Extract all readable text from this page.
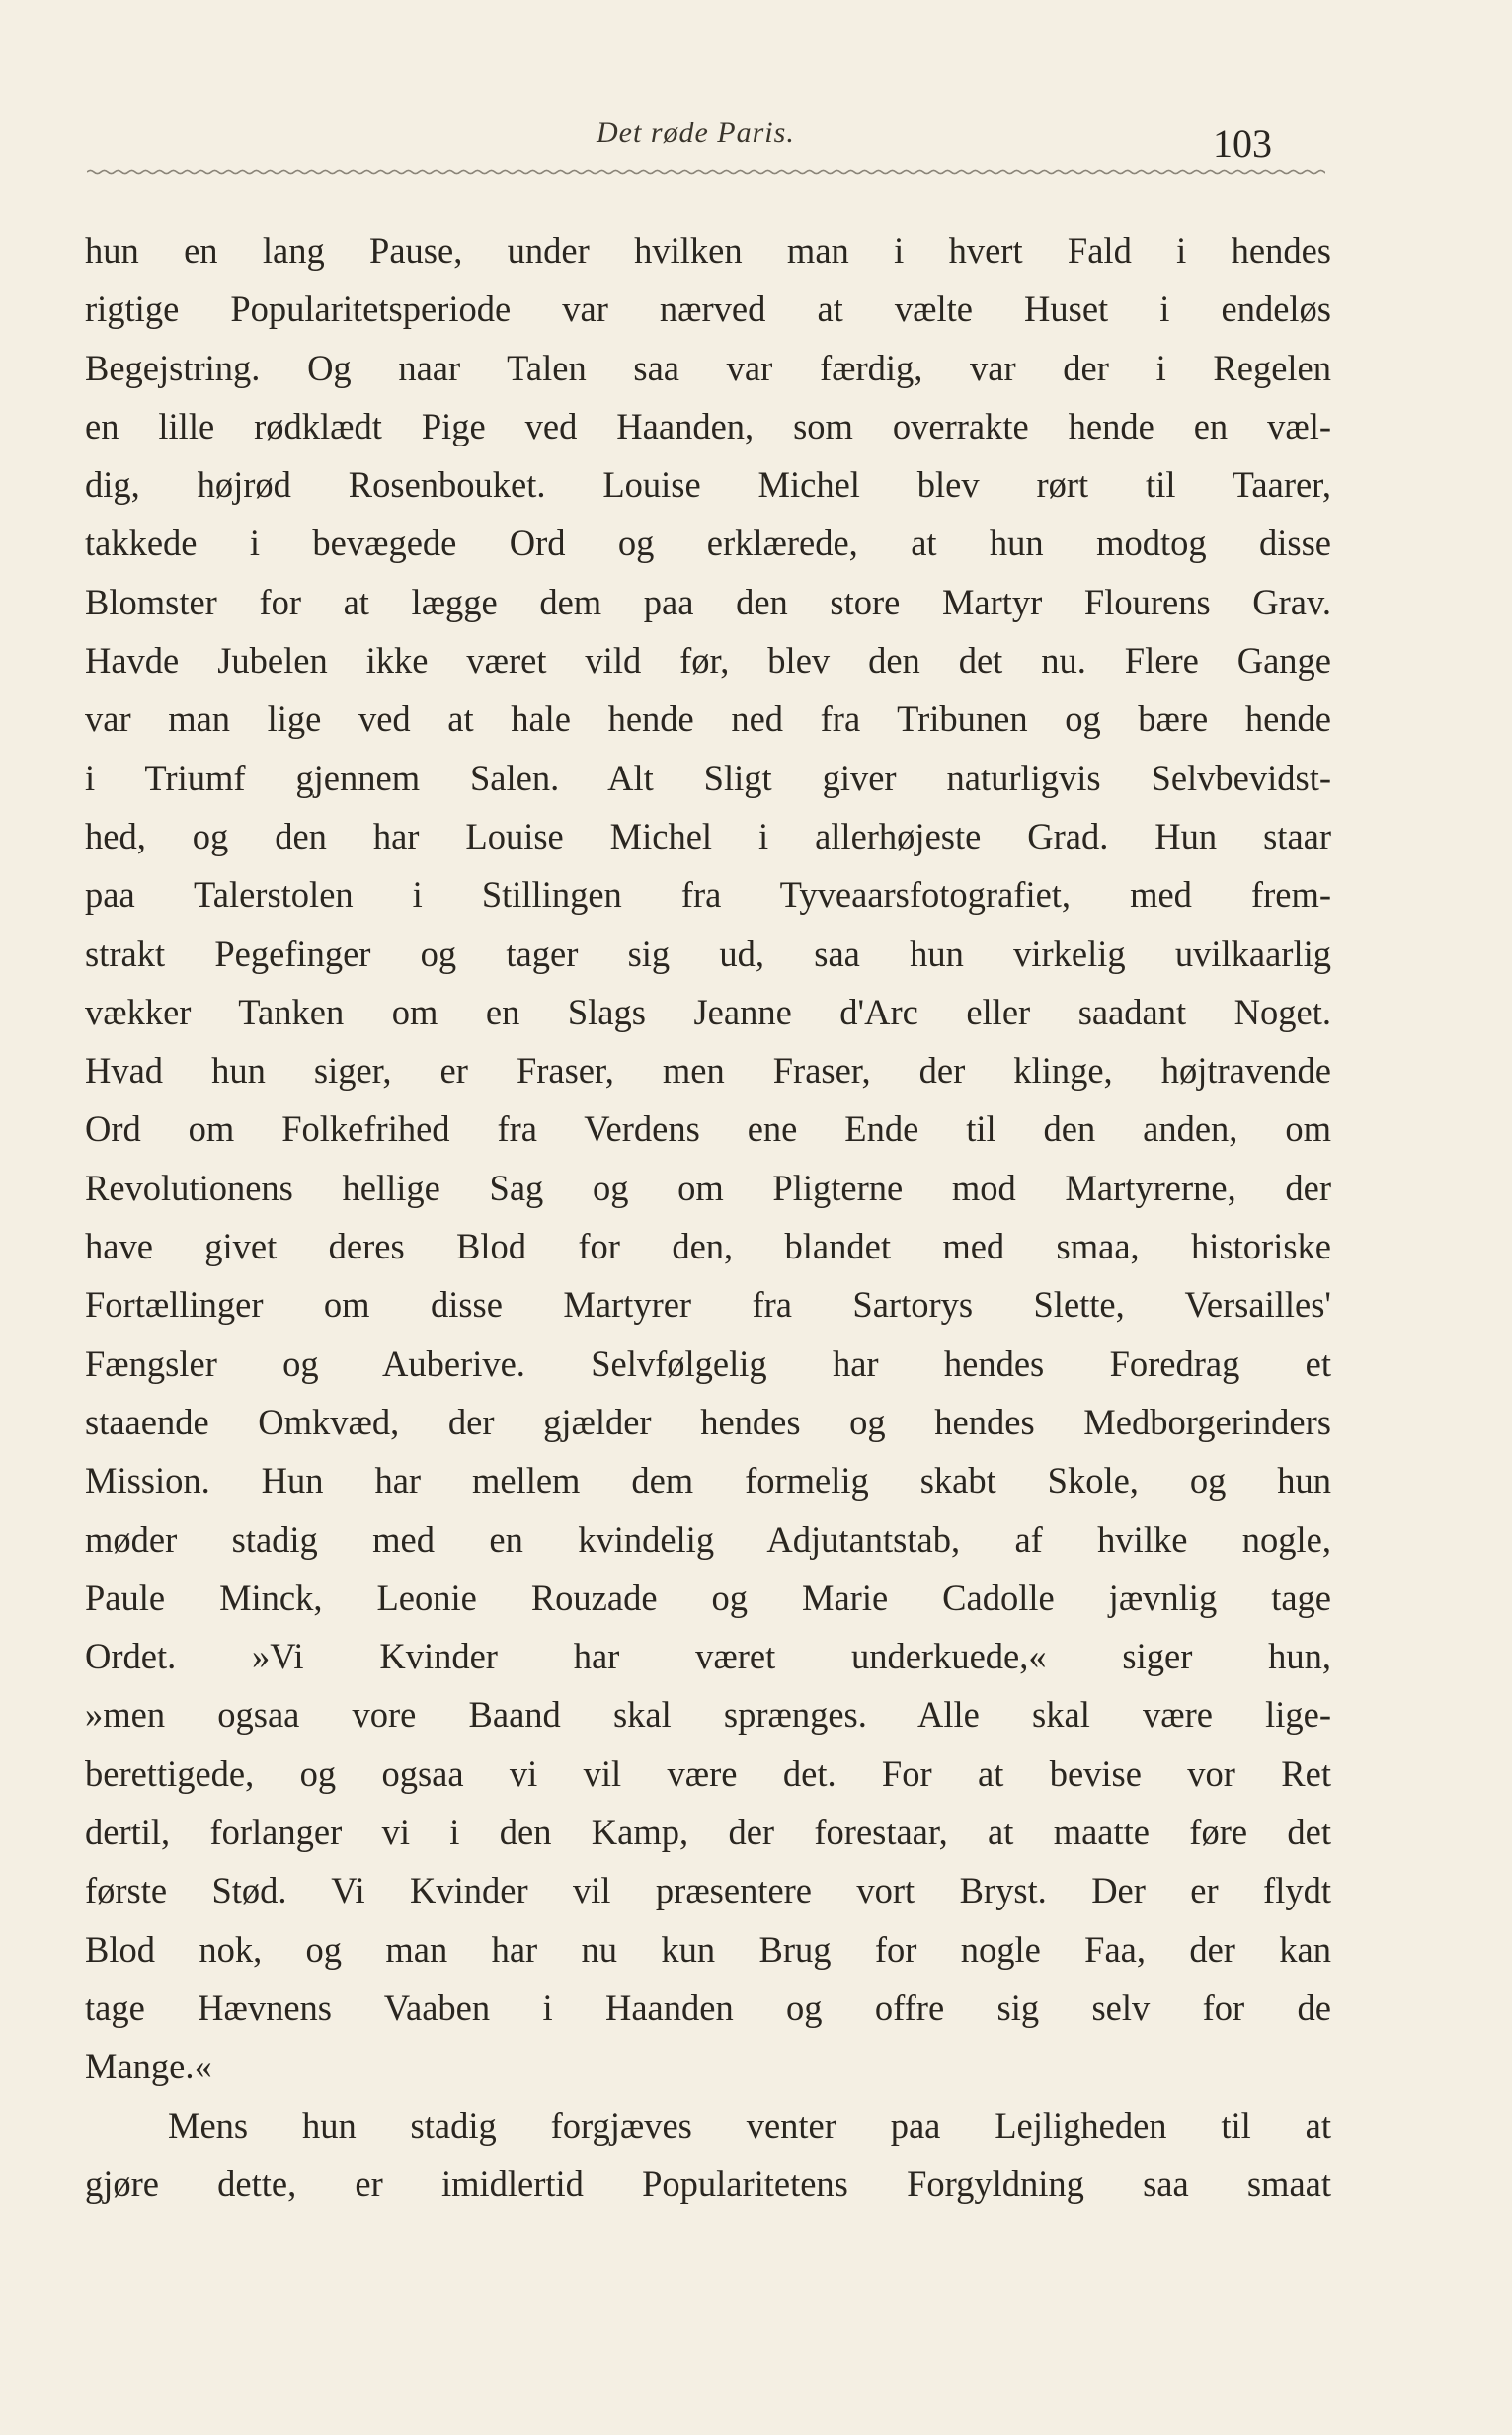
Det røde Paris.	103
hun en lang Pause, under hvilken man i hvert Fald i hendes
rigtige Popularitetsperiode var nærved at vælte Huset i endeløs
Begejstring. Og naar Talen saa var færdig, var der i Regelen
en lille rødklædt Pige ved Haanden, som overrakte hende en væl-
dig, højrød Rosenbouket. Louise Michel blev rørt til Taarer,
takkede i bevægede Ord og erklærede, at hun modtog disse
Blomster for at lægge dem paa den store Martyr Flourens Grav.
Havde Jubelen ikke været vild før, blev den det nu. Flere Gange
var man lige ved at hale hende ned fra Tribunen og bære hende
i Triumf gjennem Salen. Alt Sligt giver naturligvis Selvbevidst-
hed, og den har Louise Michel i allerhøjeste Grad. Hun staar
paa Talerstolen i Stillingen fra Tyveaarsfotografiet, med frem-
strakt Pegefinger og tager sig ud, saa hun virkelig uvilkaarlig
vækker Tanken om en Slags Jeanne d'Arc eller saadant Noget.
Hvad hun siger, er Fraser, men Fraser, der klinge, højtravende
Ord om Folkefrihed fra Verdens ene Ende til den anden, om
Revolutionens hellige Sag og om Pligterne mod Martyrerne, der
have givet deres Blod for den, blandet med smaa, historiske
Fortællinger om disse Martyrer fra Sartorys Slette, Versailles'
Fængsler og Auberive. Selvfølgelig har hendes Foredrag et
staaende Omkvæd, der gjælder hendes og hendes Medborgerinders
Mission. Hun har mellem dem formelig skabt Skole, og hun
møder stadig med en kvindelig Adjutantstab, af hvilke nogle,
Paule Minck, Leonie Rouzade og Marie Cadolle jævnlig tage
Ordet. »Vi Kvinder har været underkuede,« siger hun,
»men ogsaa vore Baand skal sprænges. Alle skal være lige-
berettigede, og ogsaa vi vil være det. For at bevise vor Ret
dertil, forlanger vi i den Kamp, der forestaar, at maatte føre det
første Stød. Vi Kvinder vil præsentere vort Bryst. Der er flydt
Blod nok, og man har nu kun Brug for nogle Faa, der kan
tage Hævnens Vaaben i Haanden og offre sig selv for de
Mange.«
Mens hun stadig forgjæves venter paa Lejligheden til at
gjøre dette, er imidlertid Popularitetens Forgyldning saa smaat
